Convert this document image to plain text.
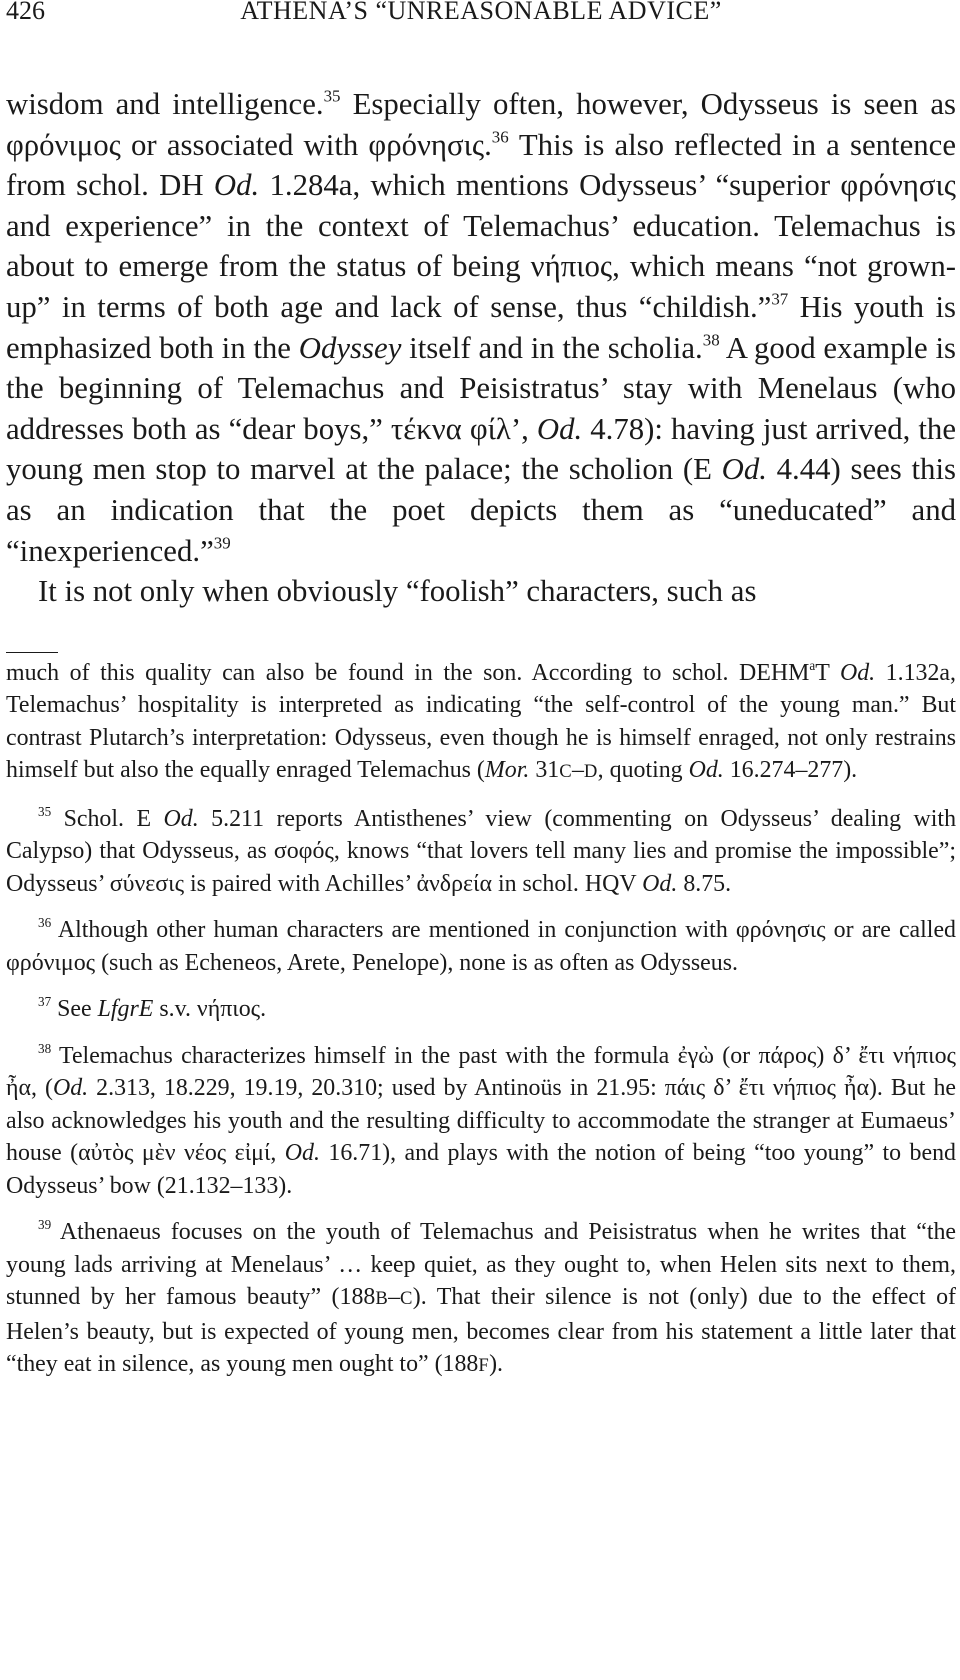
426	ATHENA’S “UNREASONABLE ADVICE”

wisdom and intelligence.$^{35}$ Especially often, however, Odysseus is seen as φρόνιμος or associated with φρόνησις.$^{36}$ This is also reflected in a sentence from schol. DH Od. 1.284a, which mentions Odysseus’ “superior φρόνησις and experience” in the context of Telemachus’ education. Telemachus is about to emerge from the status of being νήπιος, which means “not grown-up” in terms of both age and lack of sense, thus “childish.”$^{37}$ His youth is emphasized both in the Odyssey itself and in the scholia.$^{38}$ A good example is the beginning of Telemachus and Peisistratus’ stay with Menelaus (who addresses both as “dear boys,” τέκνα φίλ’, Od. 4.78): having just arrived, the young men stop to marvel at the palace; the scholion (E Od. 4.44) sees this as an indication that the poet depicts them as “uneducated” and “inexperienced.”$^{39}$

It is not only when obviously “foolish” characters, such as

much of this quality can also be found in the son. According to schol. DEHM$^a$T Od. 1.132a, Telemachus’ hospitality is interpreted as indicating “the self-control of the young man.” But contrast Plutarch’s interpretation: Odysseus, even though he is himself enraged, not only restrains himself but also the equally enraged Telemachus (Mor. 31C–D, quoting Od. 16.274–277).

$^{35}$ Schol. E Od. 5.211 reports Antisthenes’ view (commenting on Odysseus’ dealing with Calypso) that Odysseus, as σοφός, knows “that lovers tell many lies and promise the impossible”; Odysseus’ σύνεσις is paired with Achilles’ ἀνδρεία in schol. HQV Od. 8.75.

$^{36}$ Although other human characters are mentioned in conjunction with φρόνησις or are called φρόνιμος (such as Echeneos, Arete, Penelope), none is as often as Odysseus.

$^{37}$ See LfgrE s.v. νήπιος.

$^{38}$ Telemachus characterizes himself in the past with the formula ἐγὼ (or πάρος) δ’ ἔτι νήπιος ἦα, (Od. 2.313, 18.229, 19.19, 20.310; used by Antinoüs in 21.95: πάις δ’ ἔτι νήπιος ἦα). But he also acknowledges his youth and the resulting difficulty to accommodate the stranger at Eumaeus’ house (αὐτὸς μὲν νέος εἰμί, Od. 16.71), and plays with the notion of being “too young” to bend Odysseus’ bow (21.132–133).

$^{39}$ Athenaeus focuses on the youth of Telemachus and Peisistratus when he writes that “the young lads arriving at Menelaus’ … keep quiet, as they ought to, when Helen sits next to them, stunned by her famous beauty” (188B–C). That their silence is not (only) due to the effect of Helen’s beauty, but is expected of young men, becomes clear from his statement a little later that “they eat in silence, as young men ought to” (188F).
